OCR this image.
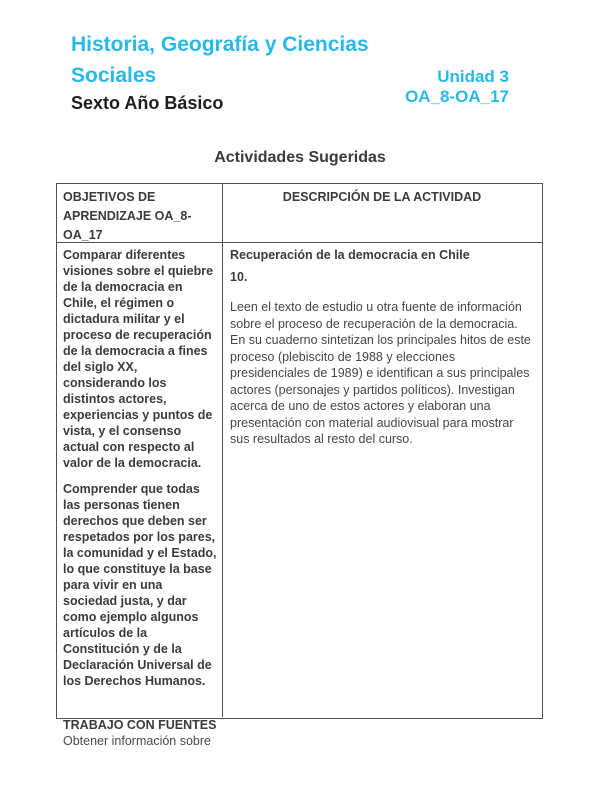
Historia, Geografía y Ciencias Sociales
Sexto Año Básico
Unidad 3
OA_8-OA_17
Actividades Sugeridas
OBJETIVOS DE APRENDIZAJE OA_8-OA_17
DESCRIPCIÓN DE LA ACTIVIDAD
Comparar diferentes visiones sobre el quiebre de la democracia en Chile, el régimen o dictadura militar y el proceso de recuperación de la democracia a fines del siglo XX, considerando los distintos actores, experiencias y puntos de vista, y el consenso actual con respecto al valor de la democracia.
Comprender que todas las personas tienen derechos que deben ser respetados por los pares, la comunidad y el Estado, lo que constituye la base para vivir en una sociedad justa, y dar como ejemplo algunos artículos de la Constitución y de la Declaración Universal de los Derechos Humanos.
TRABAJO CON FUENTES
Obtener información sobre
Recuperación de la democracia en Chile
10.
Leen el texto de estudio u otra fuente de información sobre el proceso de recuperación de la democracia. En su cuaderno sintetizan los principales hitos de este proceso (plebiscito de 1988 y elecciones presidenciales de 1989) e identifican a sus principales actores (personajes y partidos políticos). Investigan acerca de uno de estos actores y elaboran una presentación con material audiovisual para mostrar sus resultados al resto del curso.
